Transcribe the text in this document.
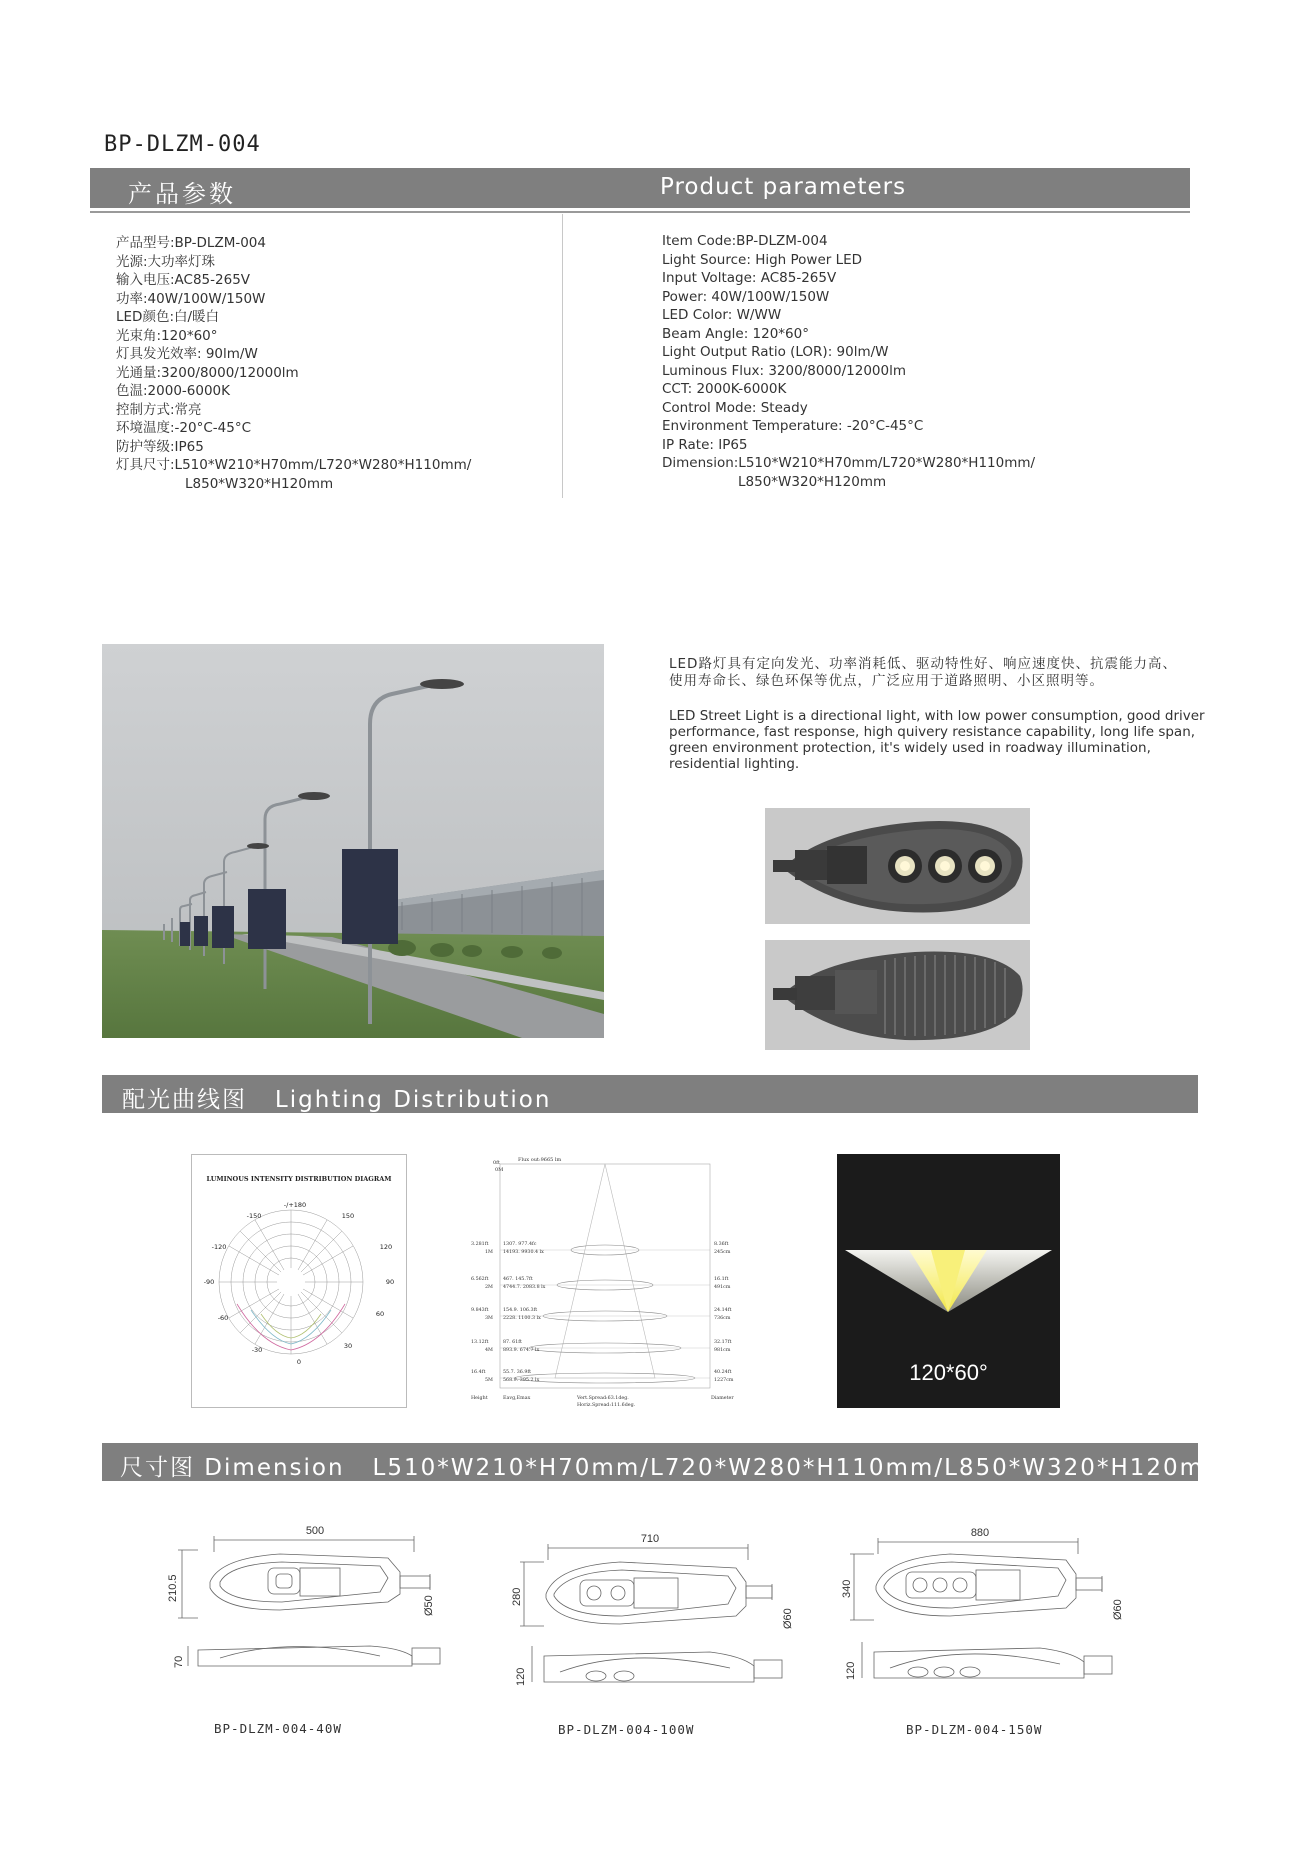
BP-DLZM-004
产品参数	Product parameters
产品型号:BP-DLZM-004
光源:大功率灯珠
输入电压:AC85-265V
功率:40W/100W/150W
LED颜色:白/暖白
光束角:120*60°
灯具发光效率: 90lm/W
光通量:3200/8000/12000lm
色温:2000-6000K
控制方式:常亮
环境温度:-20°C-45°C
防护等级:IP65
灯具尺寸:L510*W210*H70mm/L720*W280*H110mm/
L850*W320*H120mm
Item Code:BP-DLZM-004
Light Source: High Power LED
Input Voltage: AC85-265V
Power: 40W/100W/150W
LED Color: W/WW
Beam Angle: 120*60°
Light Output Ratio (LOR): 90lm/W
Luminous Flux: 3200/8000/12000lm
CCT: 2000K-6000K
Control Mode: Steady
Environment Temperature: -20°C-45°C
IP Rate: IP65
Dimension:L510*W210*H70mm/L720*W280*H110mm/
L850*W320*H120mm
LED路灯具有定向发光、功率消耗低、驱动特性好、响应速度快、抗震能力高、
使用寿命长、绿色环保等优点，广泛应用于道路照明、小区照明等。
LED Street Light is a directional light, with low power consumption, good driver
performance, fast response, high quivery resistance capability, long life span,
green environment protection, it's widely used in roadway illumination,
residential lighting.
配光曲线图   Lighting Distribution
LUMINOUS INTENSITY DISTRIBUTION DIAGRAM
-/+180
-150	150
-120	120
-90	90
-60	60
-30	30
0
Flux out:9665 lm
0ft
0M
3.281ft
1M
1307. 977.4fc
14193. 9930.4 lx
8.36ft
245cm
6.562ft
2M
467. 145.7ft
4744.7. 2083.8 lx
16.1ft
491cm
9.843ft
3M
154.9. 106.3ft
2228. 1100.3 lx
24.14ft
736cm
13.12ft
4M
87. 61ft
893.9. 674.7 lx
32.17ft
981cm
16.4ft
5M
55.7. 36.9ft
568.9. 395.2 lx
40.24ft
1227cm
Height	Eavg,Emax	Vert.Spread:63.1deg.
Horiz.Spread:111.6deg.
Diameter
120*60°
尺寸图 Dimension   L510*W210*H70mm/L720*W280*H110mm/L850*W320*H120mm
500
210.5
Ø50
70
710
280
Ø60
120
880
340
Ø60
120
BP-DLZM-004-40W	BP-DLZM-004-100W	BP-DLZM-004-150W
